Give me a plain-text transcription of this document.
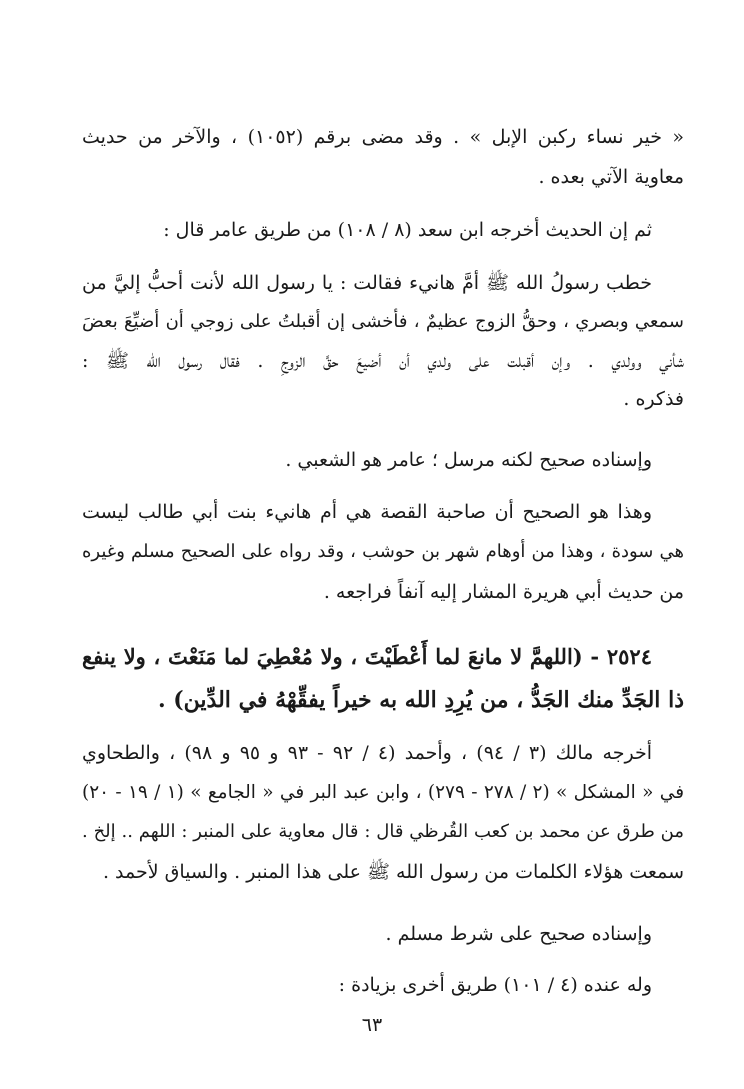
« خير نساء ركبن الإبل » . وقد مضى برقم (١٠٥٢) ، والآخر من حديث
معاوية الآتي بعده .
ثم إن الحديث أخرجه ابن سعد (٨ / ١٠٨) من طريق عامر قال :
خطب رسولُ الله ﷺ أمَّ هانيء فقالت : يا رسول الله لأنت أحبُّ إليَّ من
سمعي وبصري ، وحقُّ الزوج عظيمٌ ، فأخشى إن أقبلتُ على زوجي أن أضيِّعَ بعضَ
شأني وولدي . وإن أقبلت على ولدي أن أضيعَ حقَّ الزوجِ . فقال رسول الله ﷺ :
فذكره .
وإسناده صحيح لكنه مرسل ؛ عامر هو الشعبي .
وهذا هو الصحيح أن صاحبة القصة هي أم هانيء بنت أبي طالب ليست
هي سودة ، وهذا من أوهام شهر بن حوشب ، وقد رواه على الصحيح مسلم وغيره
من حديث أبي هريرة المشار إليه آنفاً فراجعه .
٢٥٢٤ - (اللهمَّ لا مانعَ لما أَعْطَيْتَ ، ولا مُعْطِيَ لما مَنَعْتَ ، ولا ينفع
ذا الجَدِّ منك الجَدُّ ، من يُرِدِ الله به خيراً يفقِّهْهُ في الدِّين) .
أخرجه مالك (٣ / ٩٤) ، وأحمد (٤ / ٩٢ - ٩٣ و ٩٥ و ٩٨) ، والطحاوي
في « المشكل » (٢ / ٢٧٨ - ٢٧٩) ، وابن عبد البر في « الجامع » (١ / ١٩ - ٢٠)
من طرق عن محمد بن كعب القُرظي قال : قال معاوية على المنبر : اللهم .. إلخ .
سمعت هؤلاء الكلمات من رسول الله ﷺ على هذا المنبر . والسياق لأحمد .
وإسناده صحيح على شرط مسلم .
وله عنده (٤ / ١٠١) طريق أخرى بزيادة :
٦٣
